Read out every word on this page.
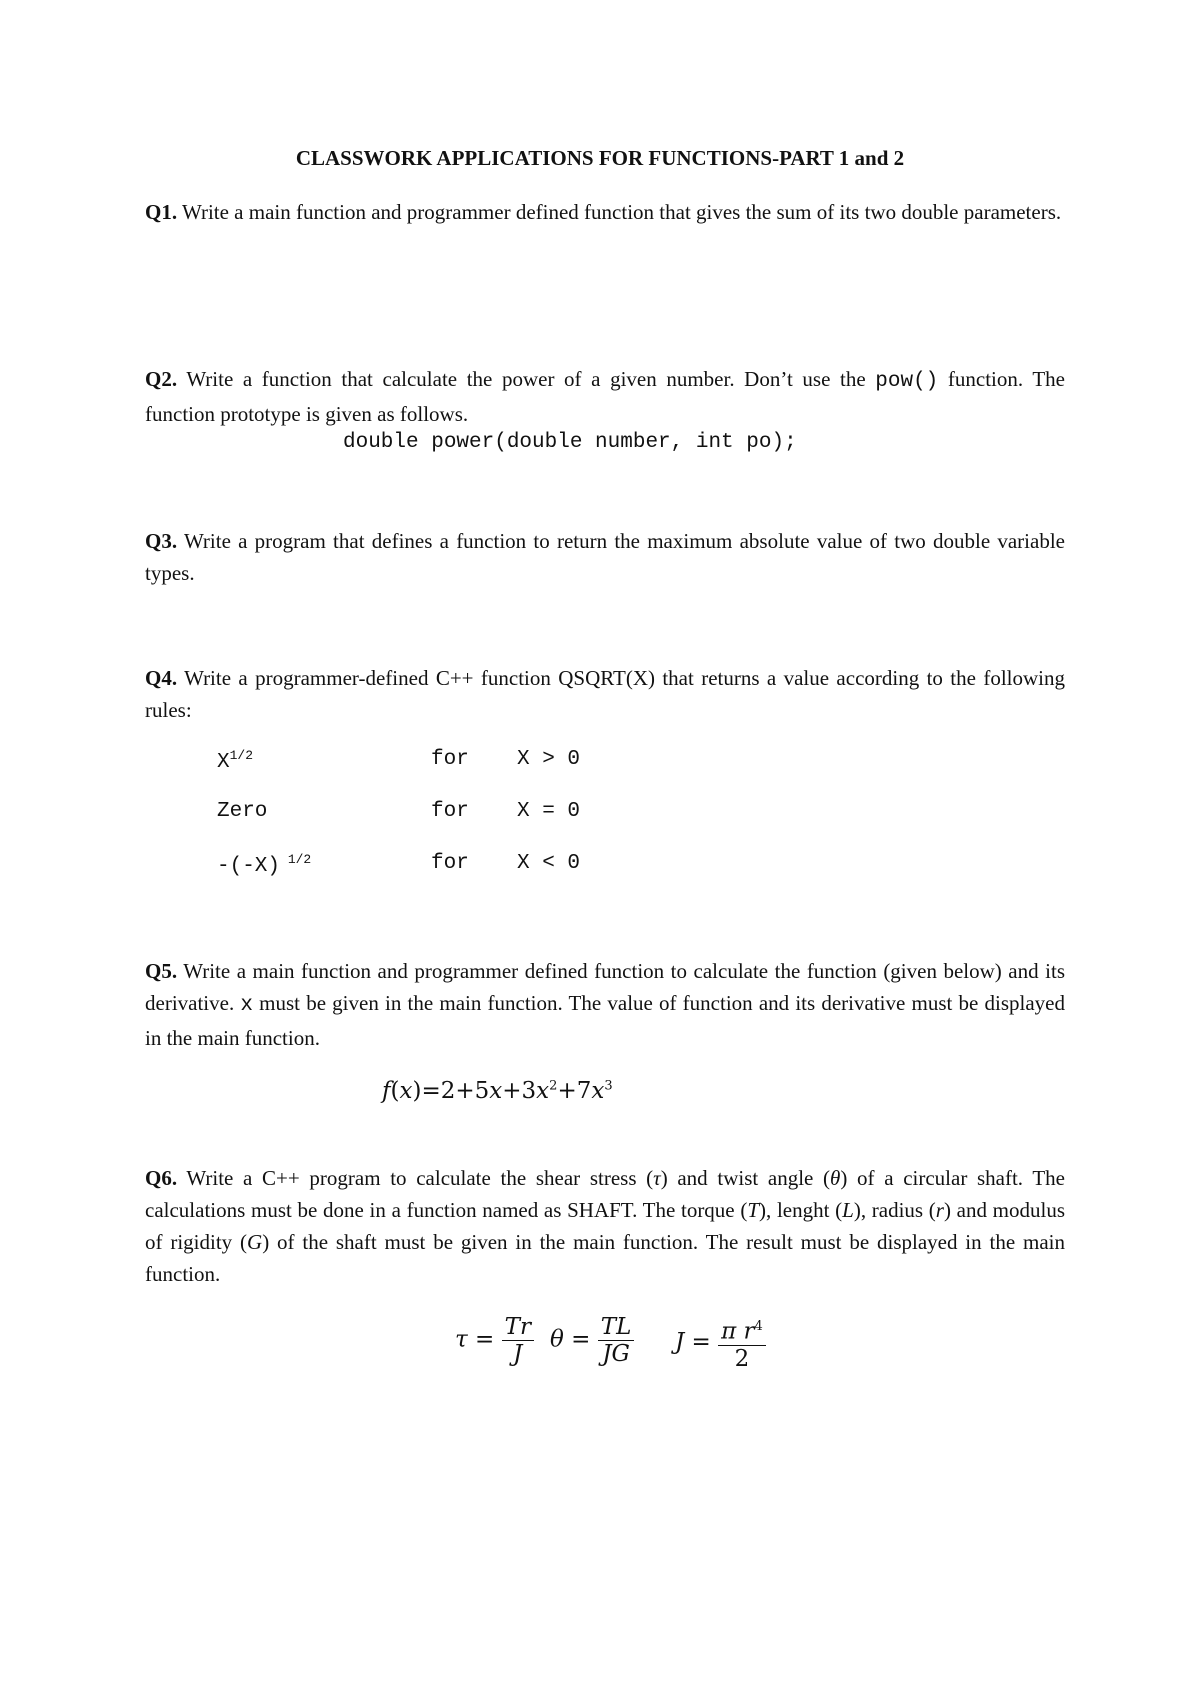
CLASSWORK APPLICATIONS FOR FUNCTIONS-PART 1 and 2
Q1. Write a main function and programmer defined function that gives the sum of its two double parameters.
Q2. Write a function that calculate the power of a given number. Don’t use the pow() function. The function prototype is given as follows.
double power(double number, int po);
Q3. Write a program that defines a function to return the maximum absolute value of two double variable types.
Q4. Write a programmer-defined C++ function QSQRT(X) that returns a value according to the following rules:
$X^{1/2}$	for X > 0
Zero	for X = 0
-(-X) $^{1/2}$	for X < 0
Q5. Write a main function and programmer defined function to calculate the function (given below) and its derivative. x must be given in the main function. The value of function and its derivative must be displayed in the main function.
$f(x)=2+5x+3x^2+7x^3$
Q6. Write a C++ program to calculate the shear stress (τ) and twist angle (θ) of a circular shaft. The calculations must be done in a function named as SHAFT. The torque (T), lenght (L), radius (r) and modulus of rigidity (G) of the shaft must be given in the main function. The result must be displayed in the main function.
$\tau = \frac{Tr}{J}$ $\theta = \frac{TL}{JG}$ $J = \frac{\pi r^4}{2}$
